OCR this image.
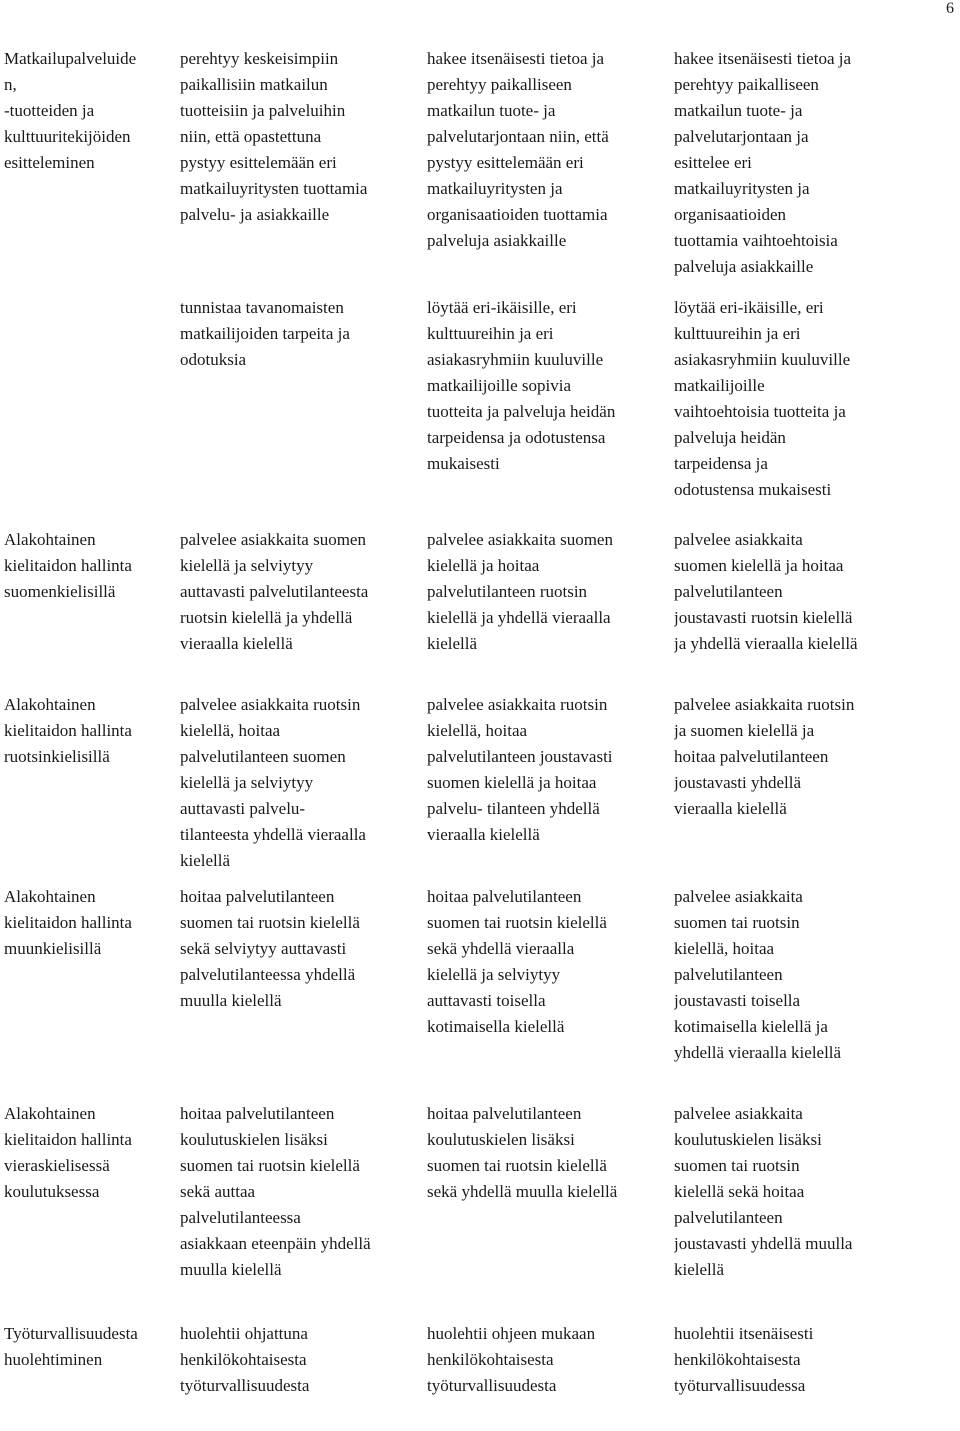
6
Matkailupalveluide
n,
-tuotteiden ja
kulttuuritekijöiden
esitteleminen
perehtyy keskeisimpiin
paikallisiin matkailun
tuotteisiin ja palveluihin
niin, että opastettuna
pystyy esittelemään eri
matkailuyritysten tuottamia
palvelu- ja asiakkaille
hakee itsenäisesti tietoa ja
perehtyy paikalliseen
matkailun tuote- ja
palvelutarjontaan niin, että
pystyy esittelemään eri
matkailuyritysten ja
organisaatioiden tuottamia
palveluja asiakkaille
hakee itsenäisesti tietoa ja
perehtyy paikalliseen
matkailun tuote- ja
palvelutarjontaan ja
esittelee eri
matkailuyritysten ja
organisaatioiden
tuottamia vaihtoehtoisia
palveluja asiakkaille
tunnistaa tavanomaisten
matkailijoiden tarpeita ja
odotuksia
löytää eri-ikäisille, eri
kulttuureihin ja eri
asiakasryhmiin kuuluville
matkailijoille sopivia
tuotteita ja palveluja heidän
tarpeidensa ja odotustensa
mukaisesti
löytää eri-ikäisille, eri
kulttuureihin ja eri
asiakasryhmiin kuuluville
matkailijoille
vaihtoehtoisia tuotteita ja
palveluja heidän
tarpeidensa ja
odotustensa mukaisesti
Alakohtainen
kielitaidon hallinta
suomenkielisillä
palvelee asiakkaita suomen
kielellä ja selviytyy
auttavasti palvelutilanteesta
ruotsin kielellä ja yhdellä
vieraalla kielellä
palvelee asiakkaita suomen
kielellä ja hoitaa
palvelutilanteen ruotsin
kielellä ja yhdellä vieraalla
kielellä
palvelee asiakkaita
suomen kielellä ja hoitaa
palvelutilanteen
joustavasti ruotsin kielellä
ja yhdellä vieraalla kielellä
Alakohtainen
kielitaidon hallinta
ruotsinkielisillä
palvelee asiakkaita ruotsin
kielellä, hoitaa
palvelutilanteen suomen
kielellä ja selviytyy
auttavasti palvelu-
tilanteesta yhdellä vieraalla
kielellä
palvelee asiakkaita ruotsin
kielellä, hoitaa
palvelutilanteen joustavasti
suomen kielellä ja hoitaa
palvelu- tilanteen yhdellä
vieraalla kielellä
palvelee asiakkaita ruotsin
ja suomen kielellä ja
hoitaa palvelutilanteen
joustavasti yhdellä
vieraalla kielellä
Alakohtainen
kielitaidon hallinta
muunkielisillä
hoitaa palvelutilanteen
suomen tai ruotsin kielellä
sekä selviytyy auttavasti
palvelutilanteessa yhdellä
muulla kielellä
hoitaa palvelutilanteen
suomen tai ruotsin kielellä
sekä yhdellä vieraalla
kielellä ja selviytyy
auttavasti toisella
kotimaisella kielellä
palvelee asiakkaita
suomen tai ruotsin
kielellä, hoitaa
palvelutilanteen
joustavasti toisella
kotimaisella kielellä ja
yhdellä vieraalla kielellä
Alakohtainen
kielitaidon hallinta
vieraskielisessä
koulutuksessa
hoitaa palvelutilanteen
koulutuskielen lisäksi
suomen tai ruotsin kielellä
sekä auttaa
palvelutilanteessa
asiakkaan eteenpäin yhdellä
muulla kielellä
hoitaa palvelutilanteen
koulutuskielen lisäksi
suomen tai ruotsin kielellä
sekä yhdellä muulla kielellä
palvelee asiakkaita
koulutuskielen lisäksi
suomen tai ruotsin
kielellä sekä hoitaa
palvelutilanteen
joustavasti yhdellä muulla
kielellä
Työturvallisuudesta
huolehtiminen
huolehtii ohjattuna
henkilökohtaisesta
työturvallisuudesta
huolehtii ohjeen mukaan
henkilökohtaisesta
työturvallisuudesta
huolehtii itsenäisesti
henkilökohtaisesta
työturvallisuudessa
